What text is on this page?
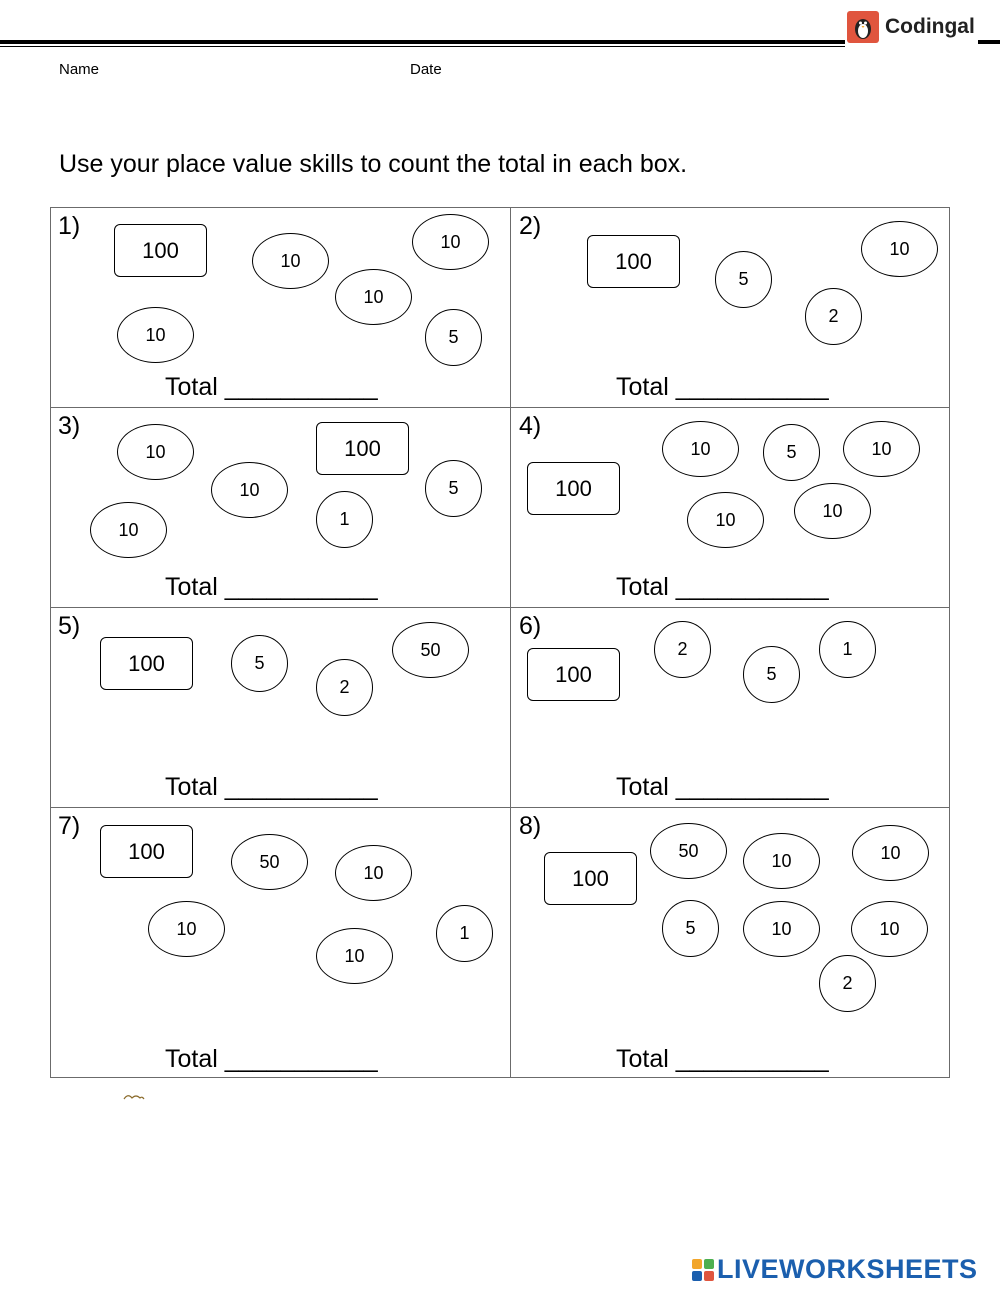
Codingal
Name	Date
Use your place value skills to count the total in each box.
1)
100	10
10
10
10	5
Total ___________
2)
100
5
10
2
Total ___________
3)
10	100
10	5
1
10
Total ___________
4)
100
10	5	10
10	10
Total ___________
5)
100	5
50
2
Total ___________
6)
2	1
100	5
Total ___________
7)
100	50
10
10
10
1
Total ___________
8)
50	10	10
100
5	10	10
2
Total ___________
LIVEWORKSHEETS
